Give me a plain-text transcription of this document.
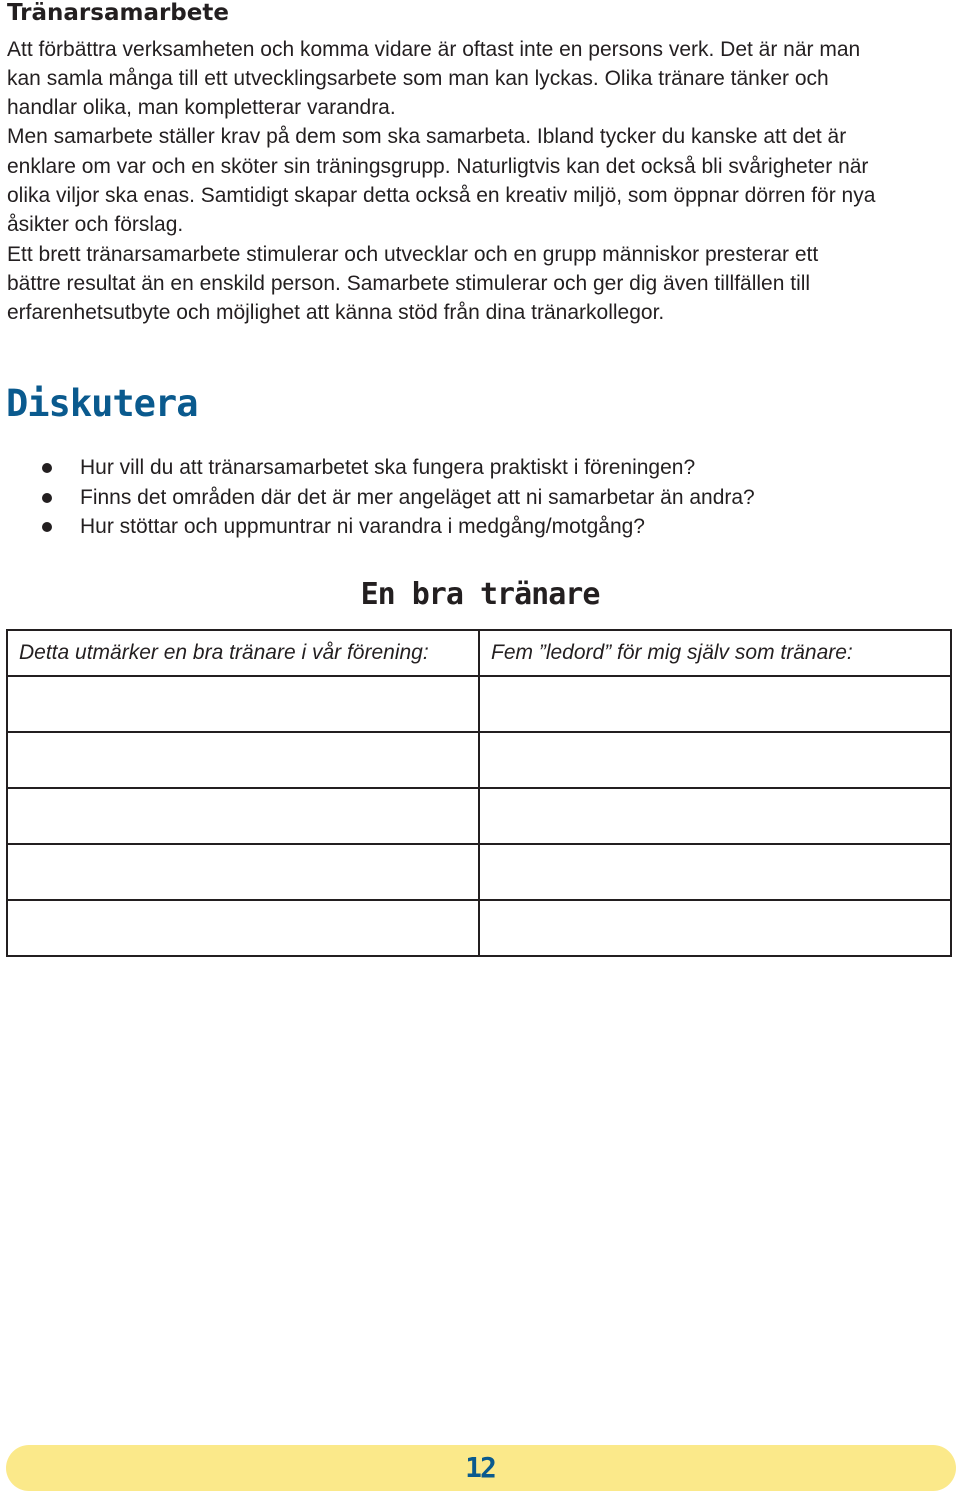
Tränarsamarbete

Att förbättra verksamheten och komma vidare är oftast inte en persons verk. Det är när man

kan samla många till ett utvecklingsarbete som man kan lyckas. Olika tränare tänker och

handlar olika, man kompletterar varandra.

Men samarbete ställer krav på dem som ska samarbeta. Ibland tycker du kanske att det är

enklare om var och en sköter sin träningsgrupp. Naturligtvis kan det också bli svårigheter när

olika viljor ska enas. Samtidigt skapar detta också en kreativ miljö, som öppnar dörren för nya

åsikter och förslag.

Ett brett tränarsamarbete stimulerar och utvecklar och en grupp människor presterar ett

bättre resultat än en enskild person. Samarbete stimulerar och ger dig även tillfällen till

erfarenhetsutbyte och möjlighet att känna stöd från dina tränarkollegor.

Diskutera
Hur vill du att tränarsamarbetet ska fungera praktiskt i föreningen?
Finns det områden där det är mer angeläget att ni samarbetar än andra?
Hur stöttar och uppmuntrar ni varandra i medgång/motgång?
En bra tränare
Detta utmärker en bra tränare i vår förening:	Fem ”ledord” för mig själv som tränare:

12
